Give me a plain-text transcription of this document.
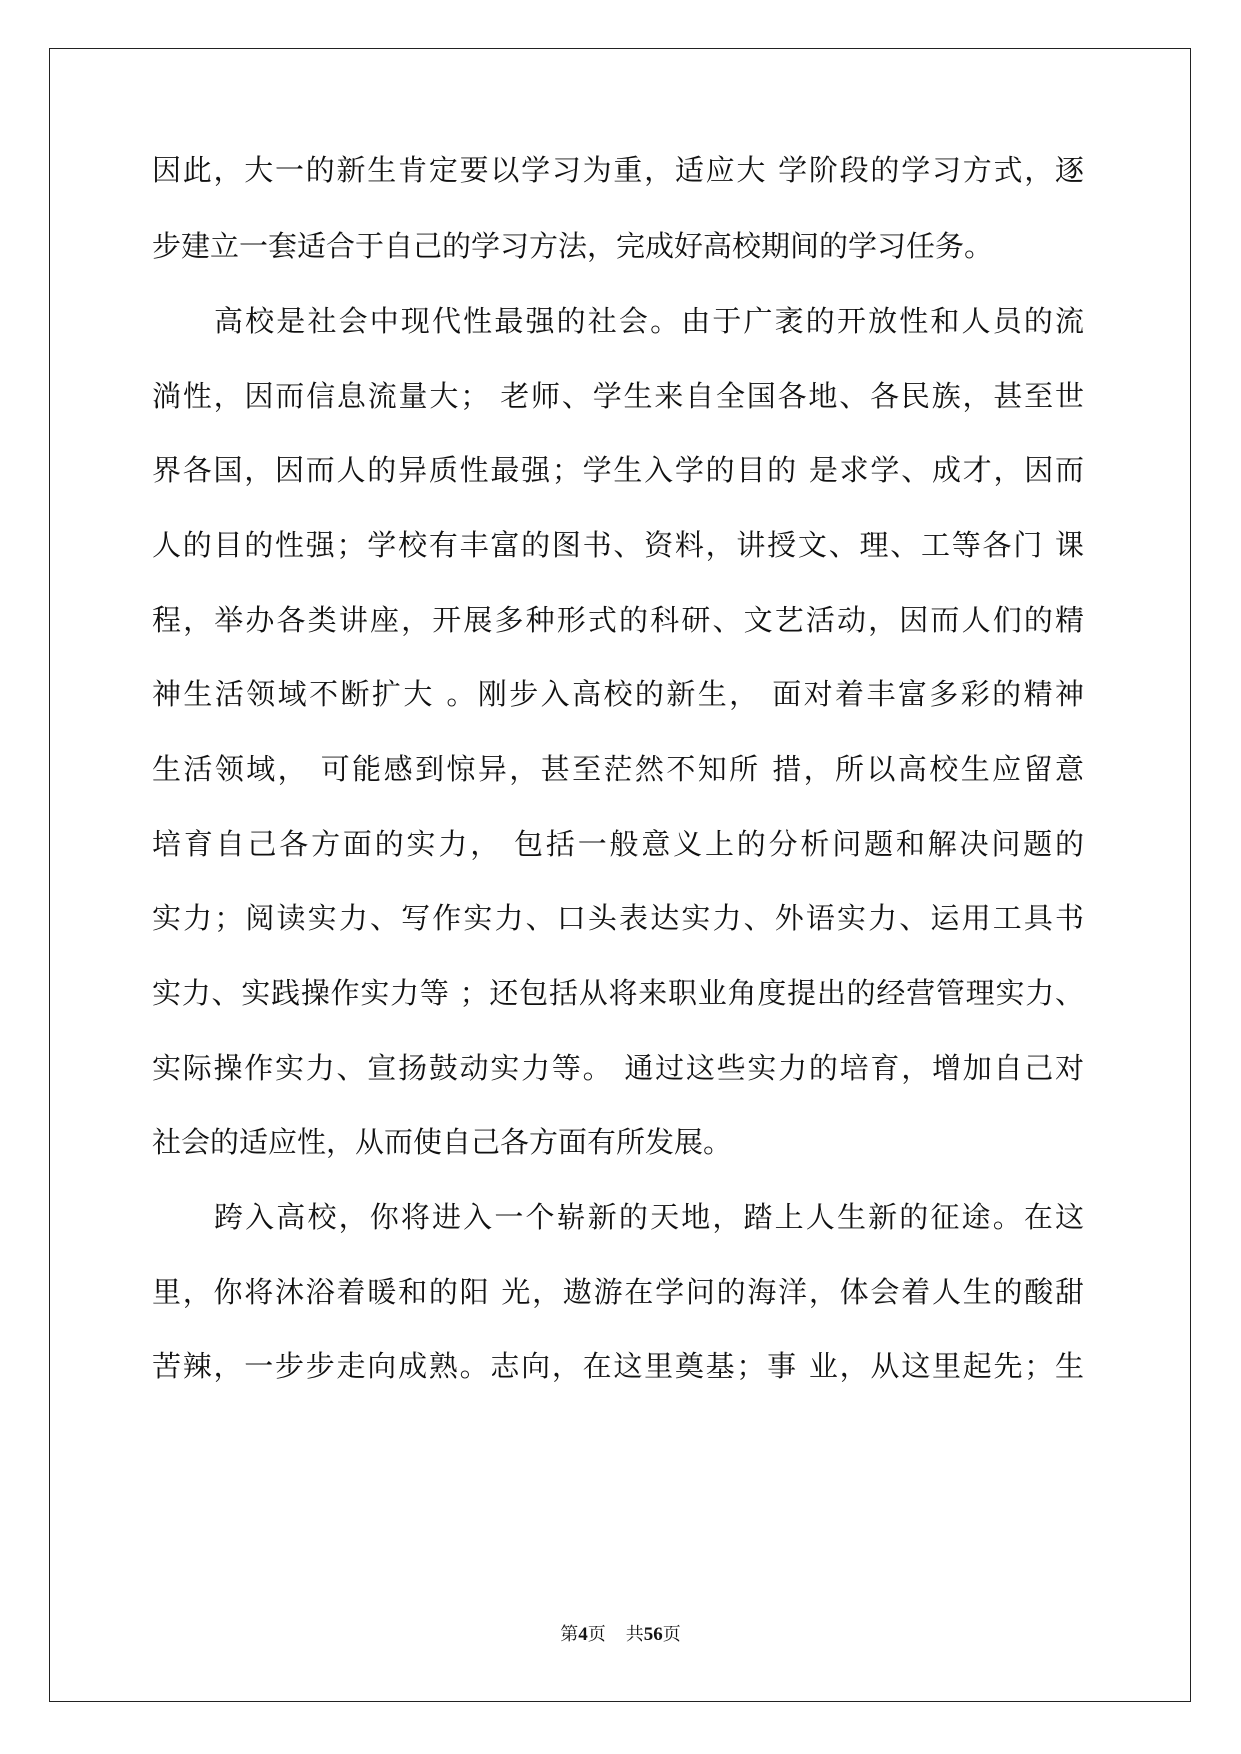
因此，大一的新生肯定要以学习为重，适应大 学阶段的学习方式，逐
步建立一套适合于自己的学习方法，完成好高校期间的学习任务。
高校是社会中现代性最强的社会。由于广袤的开放性和人员的流
淌性，因而信息流量大； 老师、学生来自全国各地、各民族，甚至世
界各国，因而人的异质性最强；学生入学的目的 是求学、成才，因而
人的目的性强；学校有丰富的图书、资料，讲授文、理、工等各门 课
程，举办各类讲座，开展多种形式的科研、文艺活动，因而人们的精
神生活领域不断扩大 。刚步入高校的新生， 面对着丰富多彩的精神
生活领域， 可能感到惊异，甚至茫然不知所 措，所以高校生应留意
培育自己各方面的实力， 包括一般意义上的分析问题和解决问题的
实力；阅读实力、写作实力、口头表达实力、外语实力、运用工具书
实力、实践操作实力等 ；还包括从将来职业角度提出的经营管理实力、
实际操作实力、宣扬鼓动实力等。 通过这些实力的培育，增加自己对
社会的适应性，从而使自己各方面有所发展。
跨入高校，你将进入一个崭新的天地，踏上人生新的征途。在这
里，你将沐浴着暖和的阳 光，遨游在学问的海洋，体会着人生的酸甜
苦辣，一步步走向成熟。志向，在这里奠基；事 业，从这里起先；生
第4页 共56页
